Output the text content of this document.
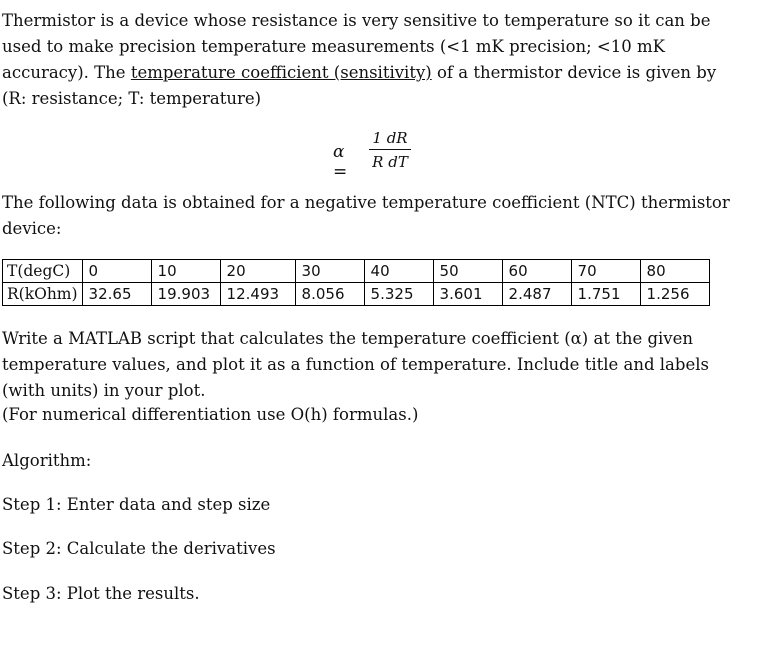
Thermistor is a device whose resistance is very sensitive to temperature so it can be used to make precision temperature measurements (<1 mK precision; <10 mK accuracy). The temperature coefficient (sensitivity) of a thermistor device is given by (R: resistance; T: temperature)

α =
1 dR
R dT

The following data is obtained for a negative temperature coefficient (NTC) thermistor device:

T(degC)	0	10	20	30	40	50	60	70	80
R(kOhm)	32.65	19.903	12.493	8.056	5.325	3.601	2.487	1.751	1.256

Write a MATLAB script that calculates the temperature coefficient (α) at the given temperature values, and plot it as a function of temperature. Include title and labels (with units) in your plot.

(For numerical differentiation use O(h) formulas.)

Algorithm:

Step 1: Enter data and step size

Step 2: Calculate the derivatives

Step 3: Plot the results.
